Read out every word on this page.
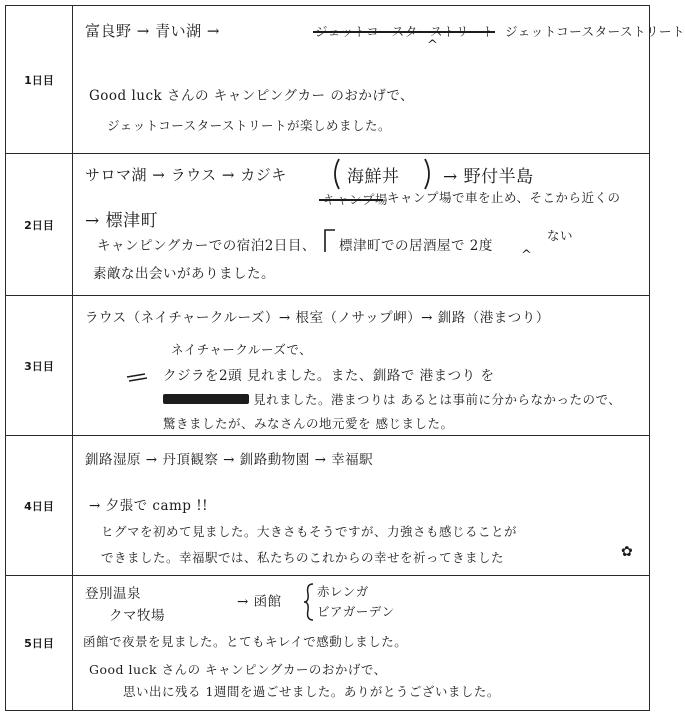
1日目
富良野 → 青い湖 →	ジェットコースターストリート
^
ジェットコースターストリート
Good luck さんの キャンピングカー のおかげで、
ジェットコースターストリートが楽しめました。
2日目
サロマ湖 → ラウス → カジキ	海鮮丼	→ 野付半島
→ 標津町
キャンプ場
キャンプ場で車を止め、そこから近くの
キャンピングカーでの宿泊2日目、 標津町での居酒屋で 2度
ない
^
素敵な出会いがありました。
3日目
ラウス（ネイチャークルーズ）→ 根室（ノサップ岬）→ 釧路（港まつり）
ネイチャークルーズで、
クジラを2頭 見れました。また、釧路で 港まつり を
見れました。港まつりは あるとは事前に分からなかったので、
驚きましたが、みなさんの地元愛を 感じました。
4日目
釧路湿原 → 丹頂観察 → 釧路動物園 → 幸福駅
→ 夕張で camp !!
ヒグマを初めて見ました。大きさもそうですが、力強さも感じることが
できました。幸福駅では、私たちのこれからの幸せを祈ってきました	✿
5日目
登別温泉
クマ牧場
→ 函館
赤レンガ
ビアガーデン
函館で夜景を見ました。とてもキレイで感動しました。
Good luck さんの キャンピングカーのおかげで、
思い出に残る 1週間を過ごせました。ありがとうございました。
